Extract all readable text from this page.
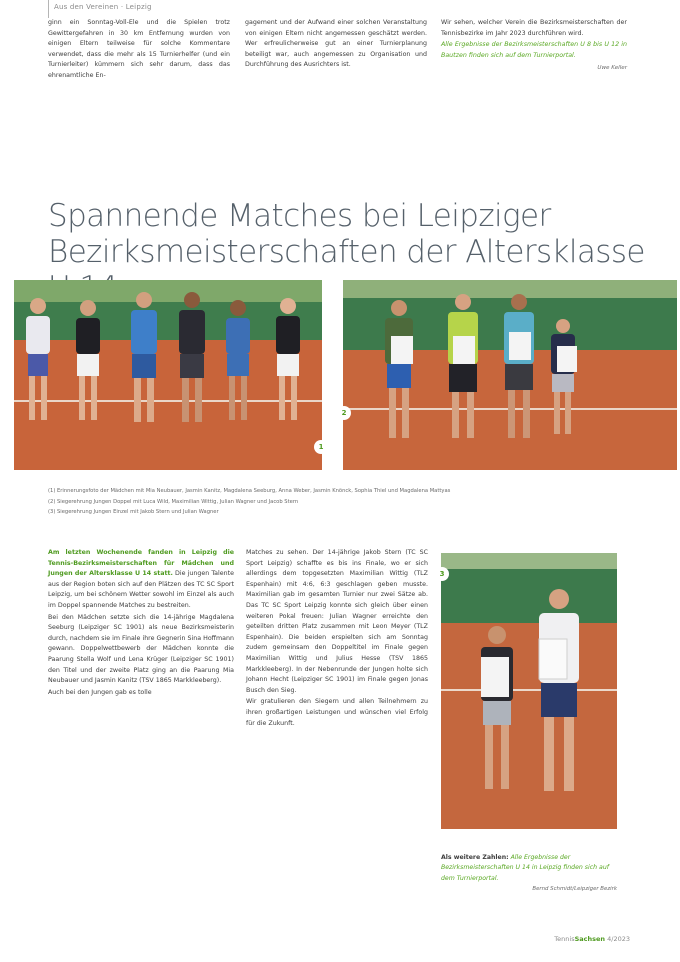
Aus den Vereinen · Leipzig

ginn ein Sonntag-Voll-Ele und die Spielen trotz Gewittergefahren in 30 km Entfernung wurden von einigen Eltern teilweise für solche Kommentare verwendet, dass die mehr als 15 Turnierhelfer (und ein Turnierleiter) kümmern sich sehr darum, dass das ehrenamtliche En-

gagement und der Aufwand einer solchen Veranstaltung von einigen Eltern nicht angemessen geschätzt werden. Wer erfreulicherweise gut an einer Turnierplanung beteiligt war, auch angemessen zu Organisation und Durchführung des Ausrichters ist.

Wir sehen, welcher Verein die Bezirksmeisterschaften der Tennisbezirke im Jahr 2023 durchführen wird.

Alle Ergebnisse der Bezirksmeisterschaften U 8 bis U 12 in Bautzen finden sich auf dem Turnierportal.

Uwe Keller
Spannende Matches bei Leipziger Bezirksmeisterschaften der Altersklasse
1
2
(1) Erinnerungsfoto der Mädchen mit Mia Neubauer, Jasmin Kanitz, Magdalena Seeburg, Anna Weber, Jasmin Knönck, Sophia Thiel und Magdalena Mattyas
(2) Siegerehrung Jungen Doppel mit Luca Wild, Maximilian Wittig, Julian Wagner und Jacob Stern
(3) Siegerehrung Jungen Einzel mit Jakob Stern und Julian Wagner

Am letzten Wochenende fanden in Leipzig die Tennis-Bezirksmeisterschaften für Mädchen und Jungen der Altersklasse U 14 statt. Die jungen Talente aus der Region boten sich auf den Plätzen des TC SC Sport Leipzig, um bei schönem Wetter sowohl im Einzel als auch im Doppel spannende Matches zu bestreiten.

Bei den Mädchen setzte sich die 14-jährige Magdalena Seeburg (Leipziger SC 1901) als neue Bezirksmeisterin durch, nachdem sie im Finale ihre Gegnerin Sina Hoffmann gewann. Doppelwettbewerb der Mädchen konnte die Paarung Stella Wolf und Lena Krüger (Leipziger SC 1901) den Titel und der zweite Platz ging an die Paarung Mia Neubauer und Jasmin Kanitz (TSV 1865 Markkleeberg).

Auch bei den Jungen gab es tolle

Matches zu sehen. Der 14-jährige Jakob Stern (TC SC Sport Leipzig) schaffte es bis ins Finale, wo er sich allerdings dem topgesetzten Maximilian Wittig (TLZ Espenhain) mit 4:6, 6:3 geschlagen geben musste. Maximilian gab im gesamten Turnier nur zwei Sätze ab. Das TC SC Sport Leipzig konnte sich gleich über einen weiteren Pokal freuen: Julian Wagner erreichte den geteilten dritten Platz zusammen mit Leon Meyer (TLZ Espenhain). Die beiden erspielten sich am Sonntag zudem gemeinsam den Doppeltitel im Finale gegen Maximilian Wittig und Julius Hesse (TSV 1865 Markkleeberg). In der Nebenrunde der Jungen holte sich Johann Hecht (Leipziger SC 1901) im Finale gegen Jonas Busch den Sieg.

Wir gratulieren den Siegern und allen Teilnehmern zu ihren großartigen Leistungen und wünschen viel Erfolg für die Zukunft.

3
Als weitere Zahlen: Alle Ergebnisse der Bezirksmeisterschaften U 14 in Leipzig finden sich auf dem Turnierportal.
Bernd Schmidt/Leipziger Bezirk
TennisSachsen 4/2023
